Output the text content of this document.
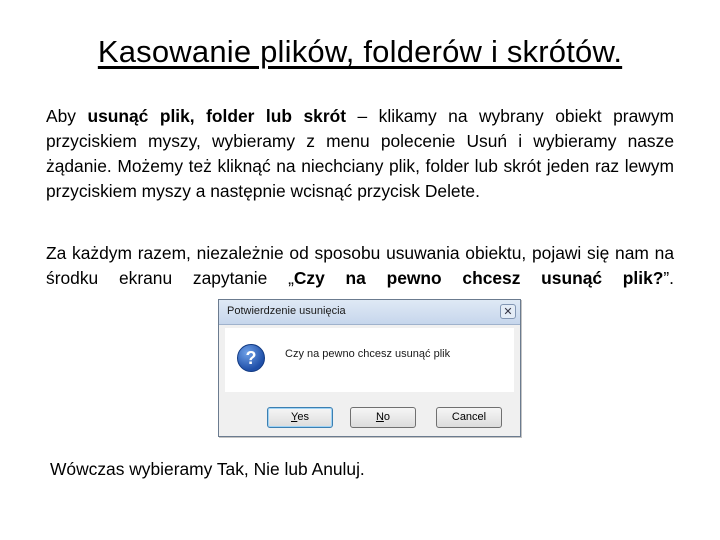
Kasowanie plików, folderów i skrótów.
Aby usunąć plik, folder lub skrót – klikamy na wybrany obiekt prawym przyciskiem myszy, wybieramy z menu polecenie Usuń i wybieramy nasze żądanie. Możemy też kliknąć na niechciany plik, folder lub skrót jeden raz lewym przyciskiem myszy a następnie wcisnąć przycisk Delete.
Za każdym razem, niezależnie od sposobu usuwania obiektu, pojawi się nam na środku ekranu zapytanie „Czy na pewno chcesz usunąć plik?”.
Potwierdzenie usunięcia	✕
?	Czy na pewno chcesz usunąć plik
Yes	No	Cancel
Wówczas wybieramy Tak, Nie lub Anuluj.
